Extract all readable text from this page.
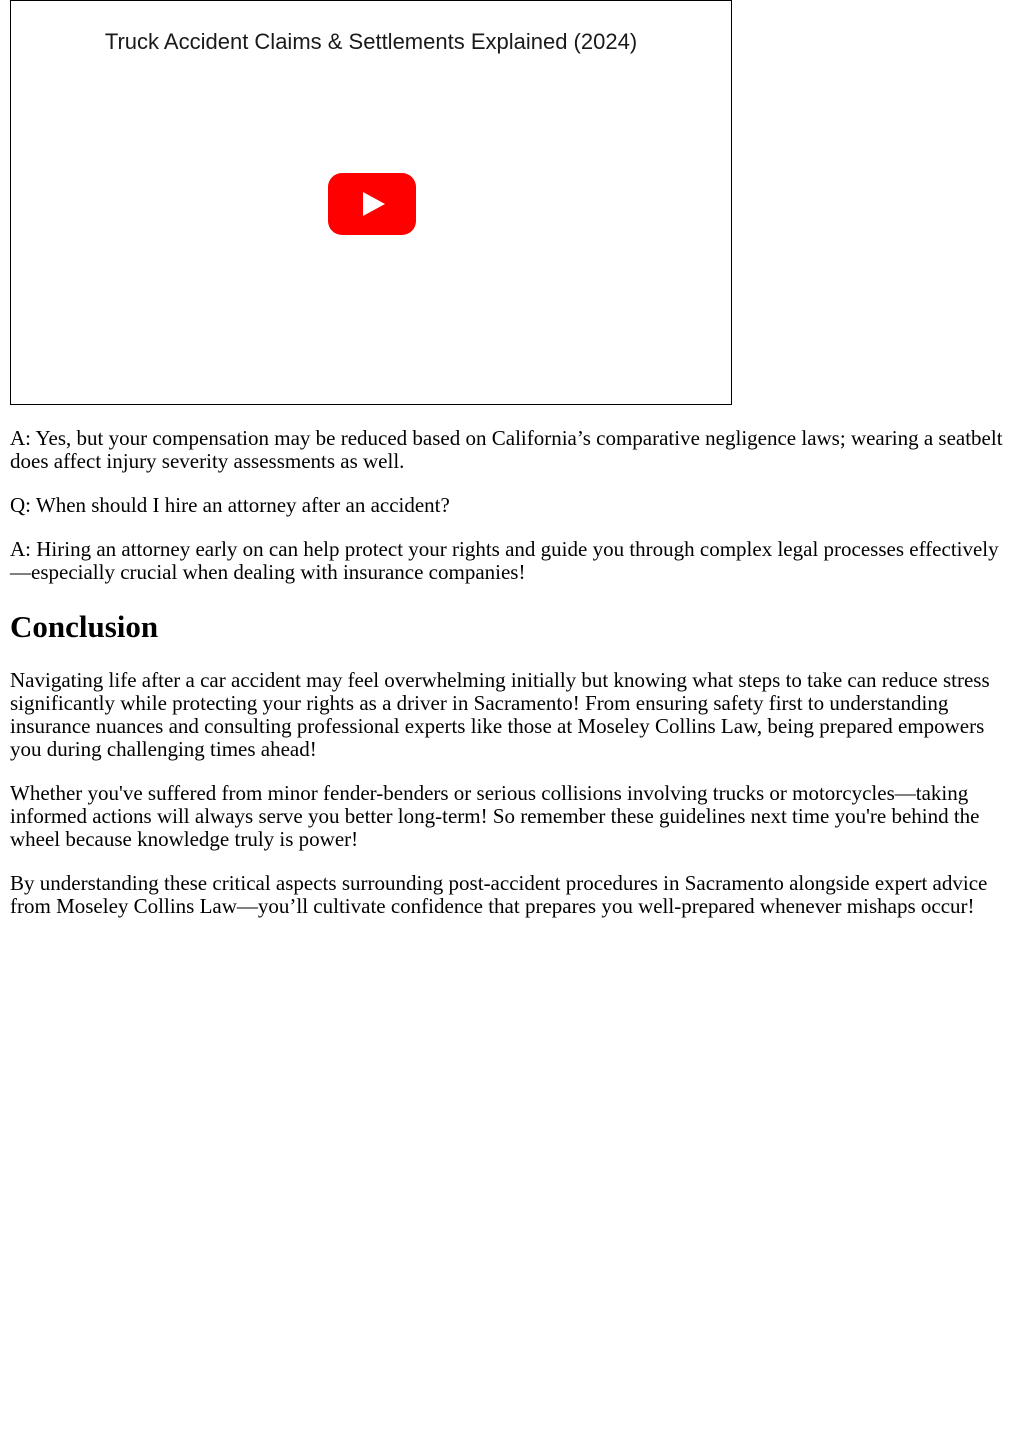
Truck Accident Claims & Settlements Explained (2024)

A: Yes, but your compensation may be reduced based on California’s comparative negligence laws; wearing a seatbelt does affect injury severity assessments as well.

Q: When should I hire an attorney after an accident?

A: Hiring an attorney early on can help protect your rights and guide you through complex legal processes effectively—especially crucial when dealing with insurance companies!

Conclusion

Navigating life after a car accident may feel overwhelming initially but knowing what steps to take can reduce stress significantly while protecting your rights as a driver in Sacramento! From ensuring safety first to understanding insurance nuances and consulting professional experts like those at Moseley Collins Law, being prepared empowers you during challenging times ahead!

Whether you've suffered from minor fender-benders or serious collisions involving trucks or motorcycles—taking informed actions will always serve you better long-term! So remember these guidelines next time you're behind the wheel because knowledge truly is power!

By understanding these critical aspects surrounding post-accident procedures in Sacramento alongside expert advice from Moseley Collins Law—you’ll cultivate confidence that prepares you well-prepared whenever mishaps occur!
